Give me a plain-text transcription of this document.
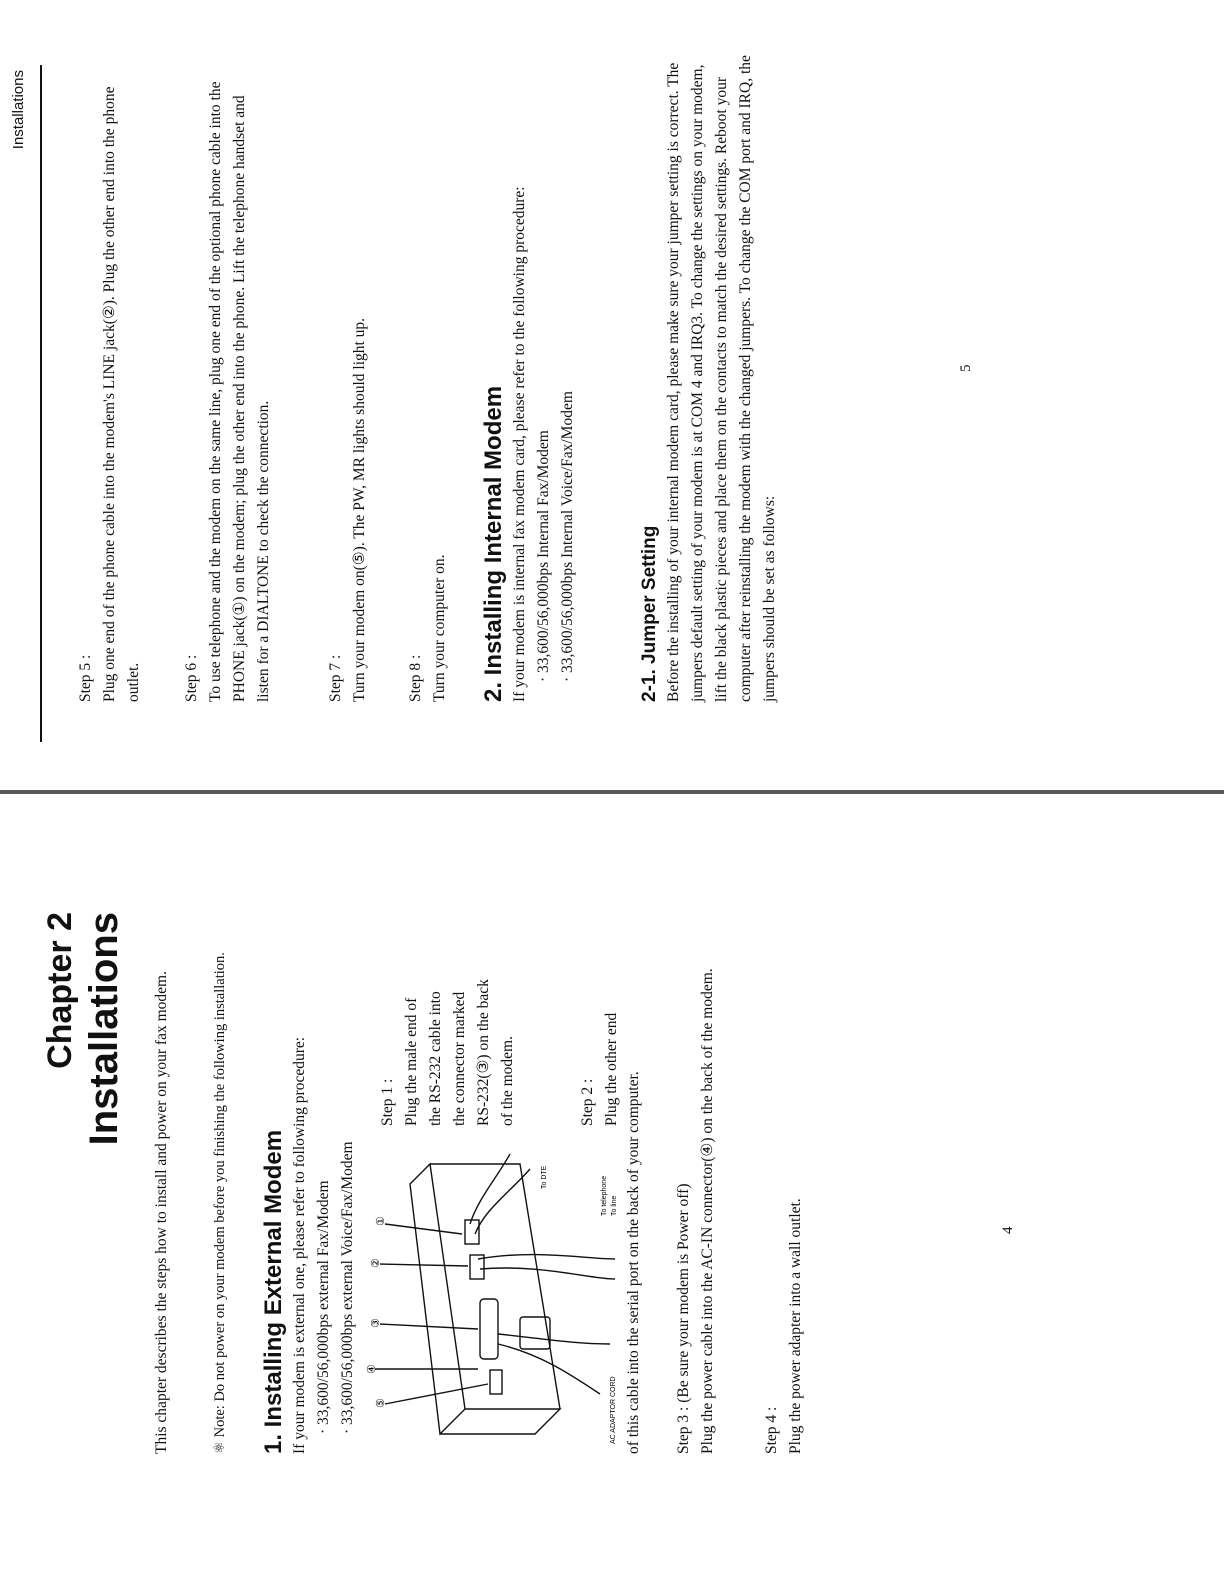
Chapter 2 Installations This chapter describes the steps how to install and power on your fax modem.	⚛ Note: Do not power on your modem before you finishing the following installation. 1. Installing External Modem If your modem is external one, please refer to following procedure: · 33,600/56,000bps external Fax/Modem · 33,600/56,000bps external Voice/Fax/Modem	⑤
④
③
②
①
To telephone To line
To DTE
AC ADAPTOR CORD
Step 1 : Plug the male end of the RS-232 cable into the connector marked RS-232(③) on the back of the modem.	Step 2 : Plug the other end
of this cable into the serial port on the back of your computer. Step 3 : (Be sure your modem is Power off) Plug the power cable into the AC-IN connector(④) on the back of the modem.	Step 4 : Plug the power adapter into a wall outlet.	4
Installations
Step 5 : Plug one end of the phone cable into the modem's LINE jack(②). Plug the other end into the phone outlet.	Step 6 : To use telephone and the modem on the same line, plug one end of the optional phone cable into the PHONE jack(①) on the modem; plug the other end into the phone. Lift the telephone handset and listen for a DIALTONE to check the connection.	Step 7 : Turn your modem on(⑤). The PW, MR lights should light up.	Step 8 : Turn your computer on. 2. Installing Internal Modem If your modem is internal fax modem card, please refer to the following procedure: · 33,600/56,000bps Internal Fax/Modem · 33,600/56,000bps Internal Voice/Fax/Modem	2-1. Jumper Setting Before the installing of your internal modem card, please make sure your jumper setting is correct. The jumpers default setting of your modem is at COM 4 and IRQ3. To change the settings on your modem, lift the black plastic pieces and place them on the contacts to match the desired settings. Reboot your computer after reinstalling the modem with the changed jumpers. To change the COM port and IRQ, the jumpers should be set as follows:
5
